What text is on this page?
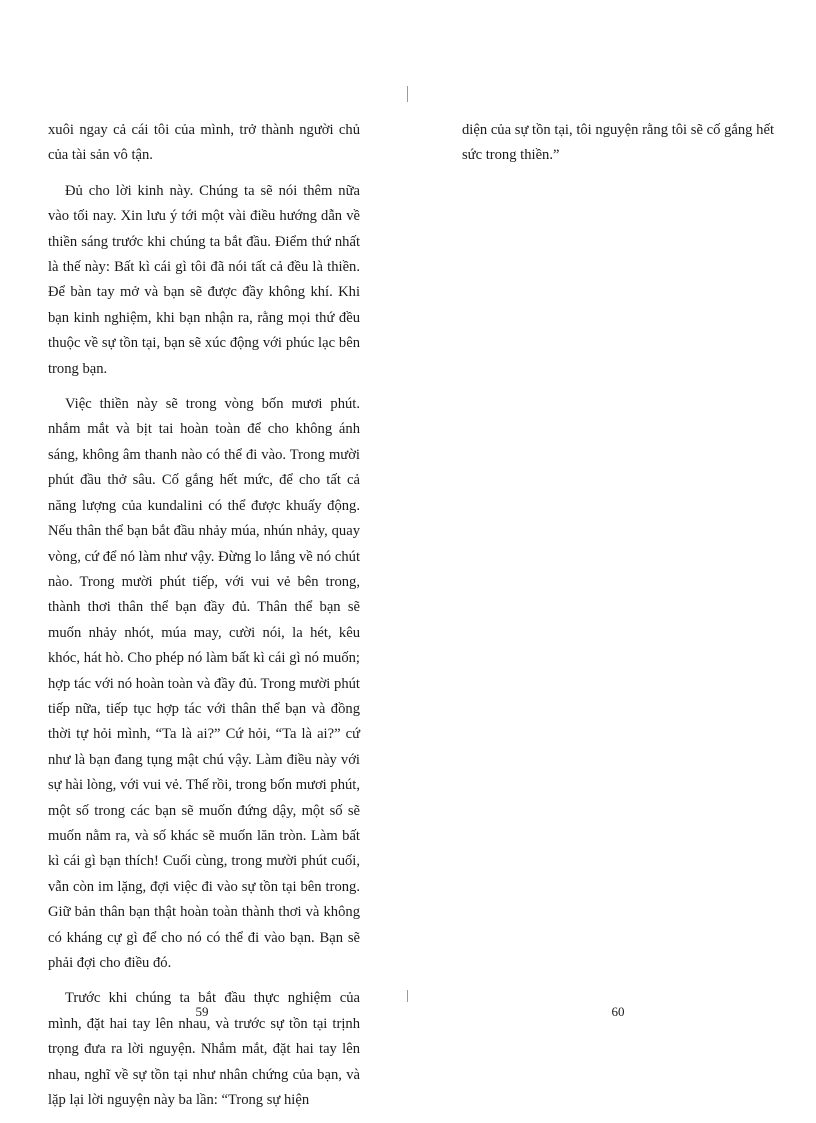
xuôi ngay cả cái tôi của mình, trở thành người chủ của tài sản vô tận.

Đủ cho lời kinh này. Chúng ta sẽ nói thêm nữa vào tối nay. Xin lưu ý tới một vài điều hướng dẫn về thiền sáng trước khi chúng ta bắt đầu. Điểm thứ nhất là thế này: Bất kì cái gì tôi đã nói tất cả đều là thiền. Để bàn tay mở và bạn sẽ được đầy không khí. Khi bạn kinh nghiệm, khi bạn nhận ra, rằng mọi thứ đều thuộc về sự tồn tại, bạn sẽ xúc động với phúc lạc bên trong bạn.

Việc thiền này sẽ trong vòng bốn mươi phút. nhắm mắt và bịt tai hoàn toàn để cho không ánh sáng, không âm thanh nào có thể đi vào. Trong mười phút đầu thở sâu. Cố gắng hết mức, để cho tất cả năng lượng của kundalini có thể được khuấy động. Nếu thân thể bạn bắt đầu nhảy múa, nhún nhảy, quay vòng, cứ để nó làm như vậy. Đừng lo lắng về nó chút nào. Trong mười phút tiếp, với vui vẻ bên trong, thành thơi thân thể bạn đầy đủ. Thân thể bạn sẽ muốn nhảy nhót, múa may, cười nói, la hét, kêu khóc, hát hò. Cho phép nó làm bất kì cái gì nó muốn; hợp tác với nó hoàn toàn và đầy đủ. Trong mười phút tiếp nữa, tiếp tục hợp tác với thân thể bạn và đồng thời tự hỏi mình, “Ta là ai?” Cứ hỏi, “Ta là ai?” cứ như là bạn đang tụng mật chú vậy. Làm điều này với sự hài lòng, với vui vẻ. Thế rồi, trong bốn mươi phút, một số trong các bạn sẽ muốn đứng dậy, một số sẽ muốn nằm ra, và số khác sẽ muốn lăn tròn. Làm bất kì cái gì bạn thích! Cuối cùng, trong mười phút cuối, vẫn còn im lặng, đợi việc đi vào sự tồn tại bên trong. Giữ bản thân bạn thật hoàn toàn thành thơi và không có kháng cự gì để cho nó có thể đi vào bạn. Bạn sẽ phải đợi cho điều đó.

Trước khi chúng ta bắt đầu thực nghiệm của mình, đặt hai tay lên nhau, và trước sự tồn tại trịnh trọng đưa ra lời nguyện. Nhắm mắt, đặt hai tay lên nhau, nghĩ về sự tồn tại như nhân chứng của bạn, và lặp lại lời nguyện này ba lần: “Trong sự hiện

diện của sự tồn tại, tôi nguyện rằng tôi sẽ cố gắng hết sức trong thiền.”

59	60
